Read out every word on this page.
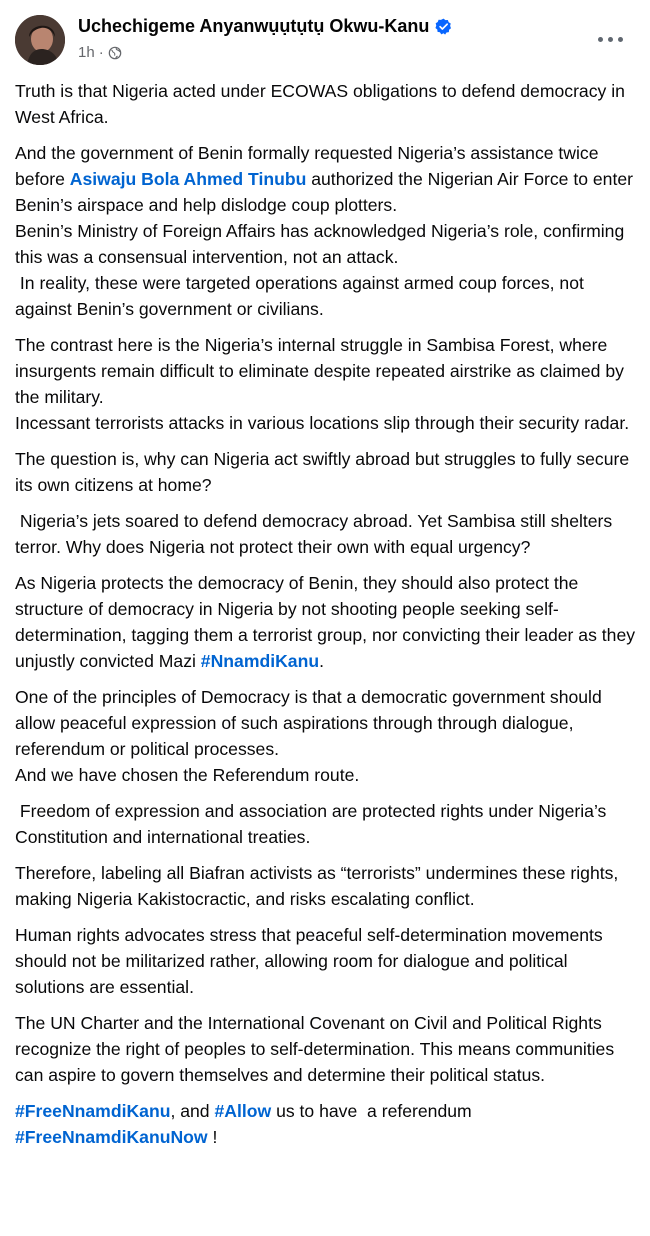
Uchechigeme Anyanwụụtụtụ Okwu-Kanu
1h ·

Truth is that Nigeria acted under ECOWAS obligations to defend democracy in West Africa.

And the government of Benin formally requested Nigeria’s assistance twice before Asiwaju Bola Ahmed Tinubu authorized the Nigerian Air Force to enter Benin’s airspace and help dislodge coup plotters.
Benin’s Ministry of Foreign Affairs has acknowledged Nigeria’s role, confirming this was a consensual intervention, not an attack.
In reality, these were targeted operations against armed coup forces, not against Benin’s government or civilians.

The contrast here is the Nigeria’s internal struggle in Sambisa Forest, where insurgents remain difficult to eliminate despite repeated airstrike as claimed by the military.
Incessant terrorists attacks in various locations slip through their security radar.

The question is, why can Nigeria act swiftly abroad but struggles to fully secure its own citizens at home?

Nigeria’s jets soared to defend democracy abroad. Yet Sambisa still shelters terror. Why does Nigeria not protect their own with equal urgency?

As Nigeria protects the democracy of Benin, they should also protect the structure of democracy in Nigeria by not shooting people seeking self-determination, tagging them a terrorist group, nor convicting their leader as they unjustly convicted Mazi #NnamdiKanu.

One of the principles of Democracy is that a democratic government should allow peaceful expression of such aspirations through through dialogue, referendum or political processes.
And we have chosen the Referendum route.

Freedom of expression and association are protected rights under Nigeria’s Constitution and international treaties.

Therefore, labeling all Biafran activists as “terrorists” undermines these rights, making Nigeria Kakistocractic, and risks escalating conflict.

Human rights advocates stress that peaceful self-determination movements should not be militarized rather, allowing room for dialogue and political solutions are essential.

The UN Charter and the International Covenant on Civil and Political Rights recognize the right of peoples to self-determination. This means communities can aspire to govern themselves and determine their political status.

#FreeNnamdiKanu, and #Allow us to have  a referendum
#FreeNnamdiKanuNow !
